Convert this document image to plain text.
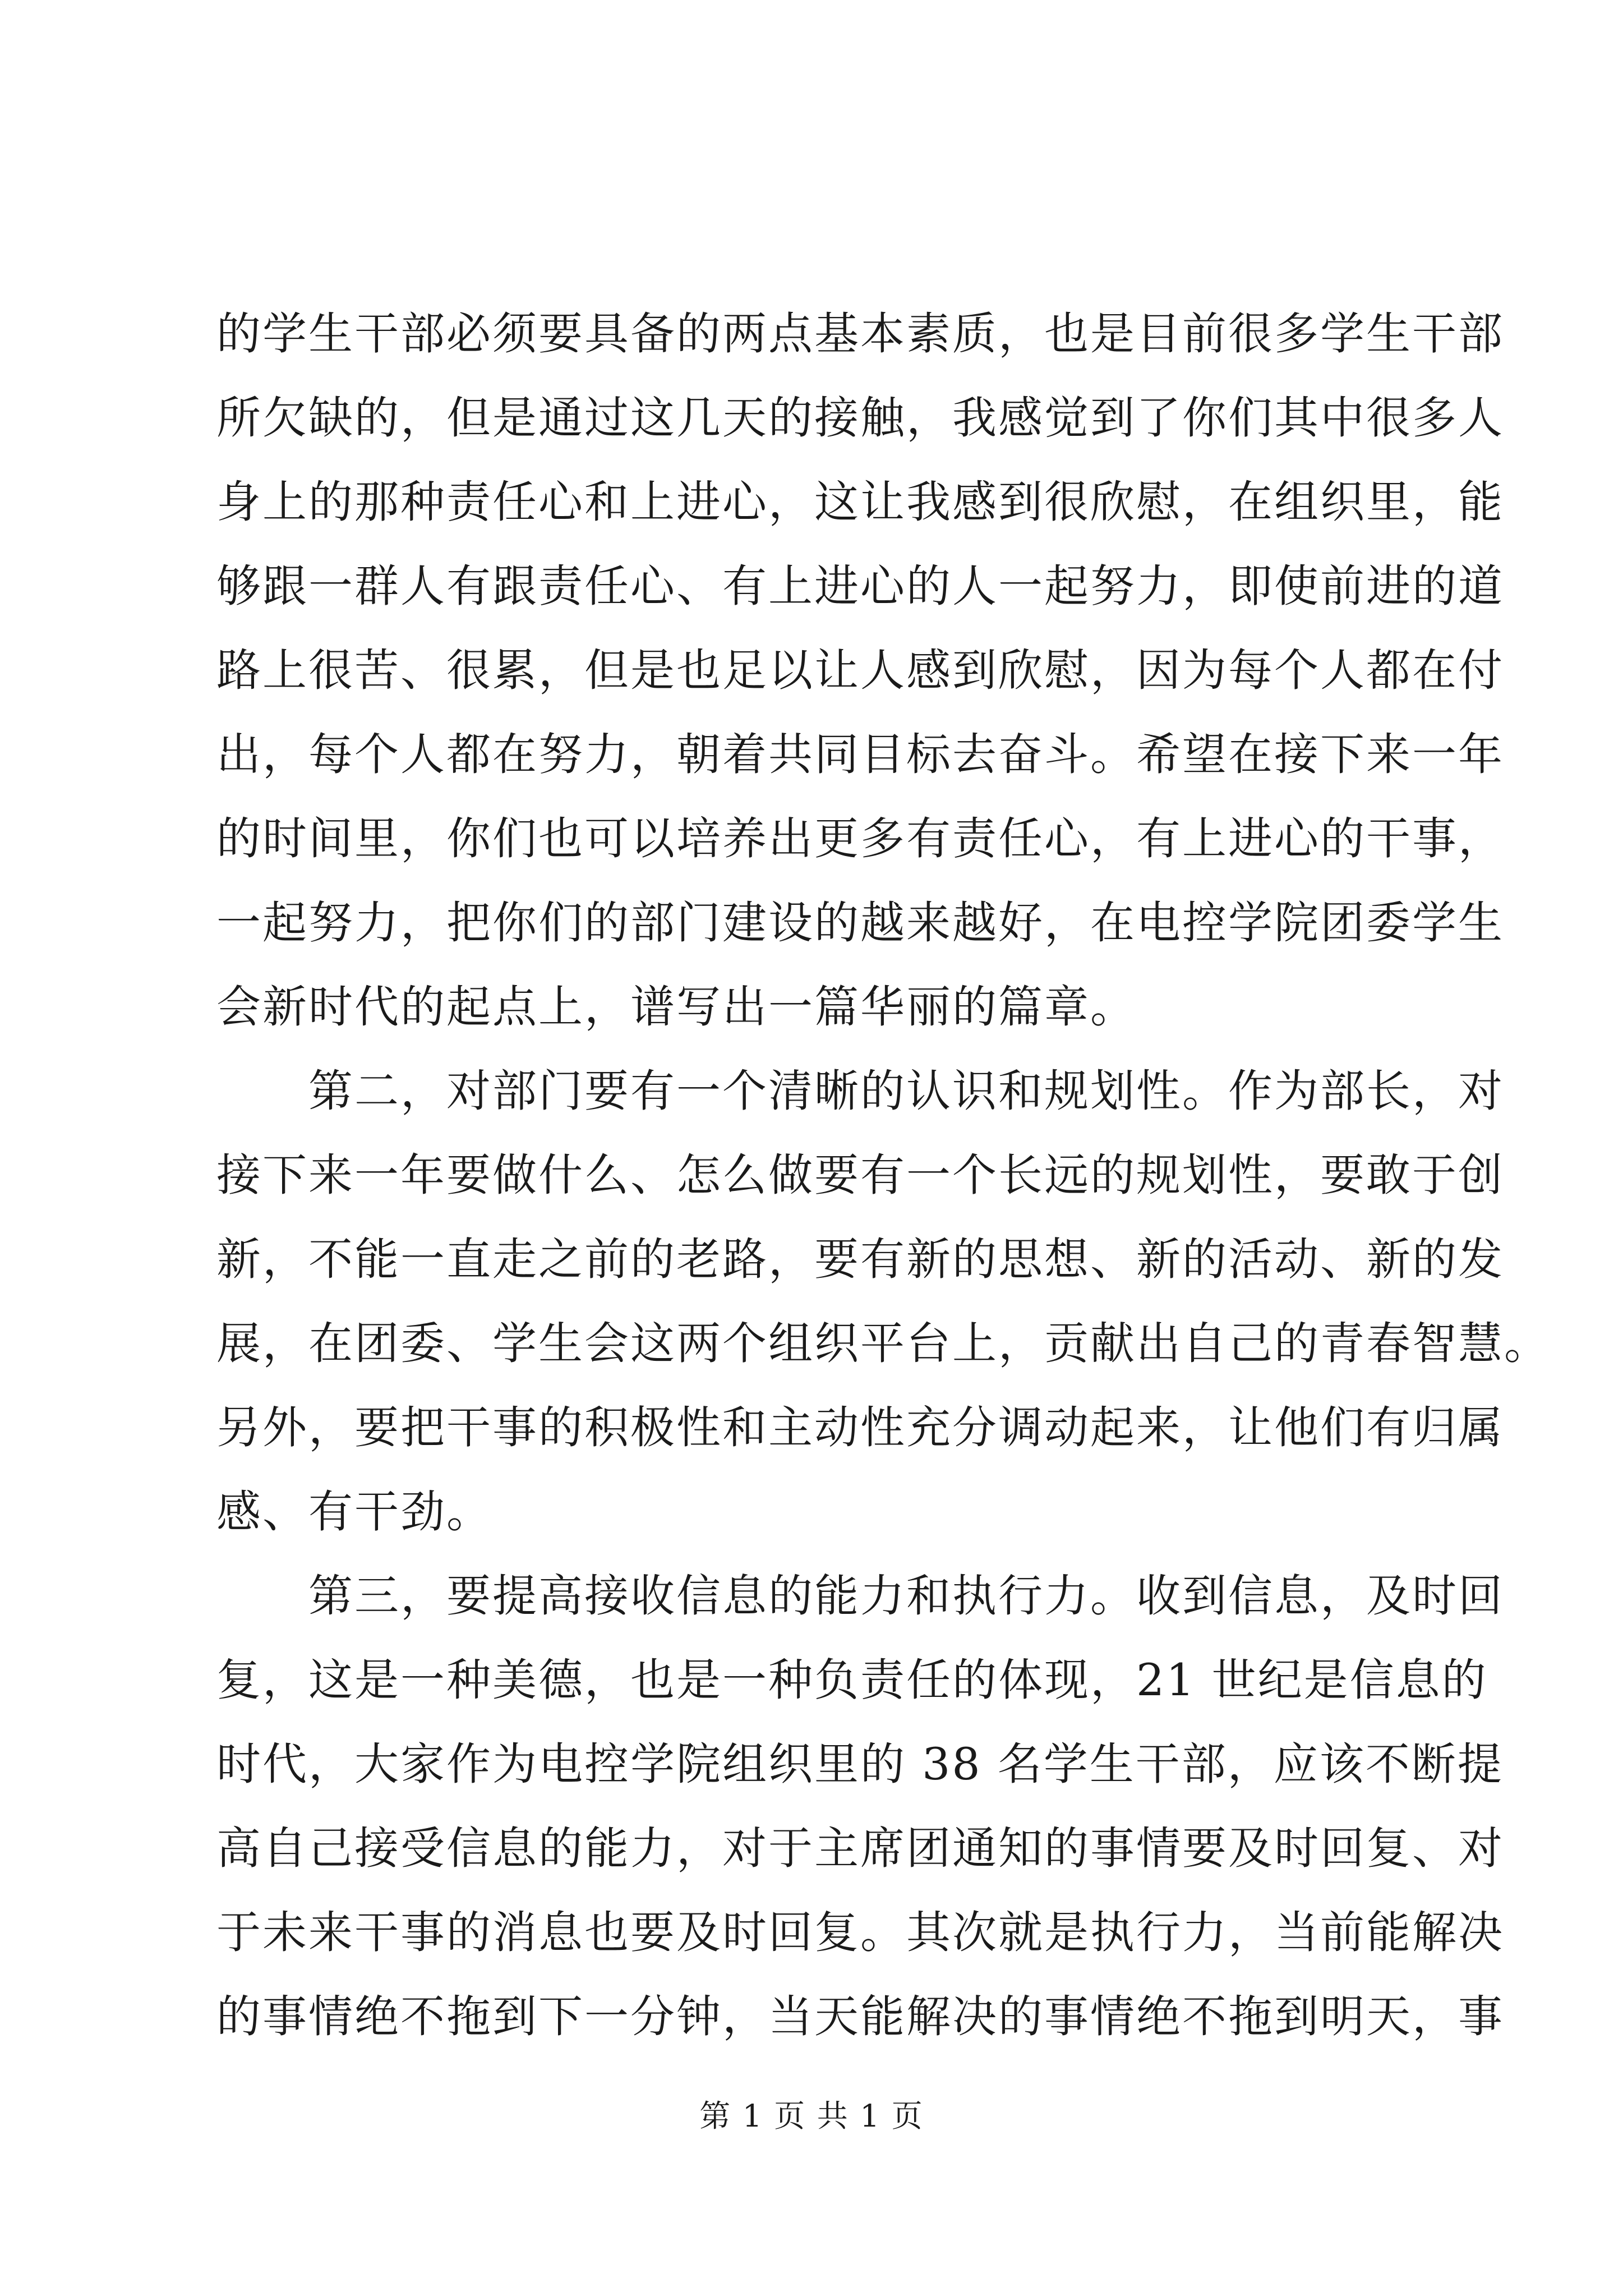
的学生干部必须要具备的两点基本素质，也是目前很多学生干部
所欠缺的，但是通过这几天的接触，我感觉到了你们其中很多人
身上的那种责任心和上进心，这让我感到很欣慰，在组织里，能
够跟一群人有跟责任心、有上进心的人一起努力，即使前进的道
路上很苦、很累，但是也足以让人感到欣慰，因为每个人都在付
出，每个人都在努力，朝着共同目标去奋斗。希望在接下来一年
的时间里，你们也可以培养出更多有责任心，有上进心的干事，
一起努力，把你们的部门建设的越来越好，在电控学院团委学生
会新时代的起点上，谱写出一篇华丽的篇章。
第二，对部门要有一个清晰的认识和规划性。作为部长，对
接下来一年要做什么、怎么做要有一个长远的规划性，要敢于创
新，不能一直走之前的老路，要有新的思想、新的活动、新的发
展，在团委、学生会这两个组织平台上，贡献出自己的青春智慧。
另外，要把干事的积极性和主动性充分调动起来，让他们有归属
感、有干劲。
第三，要提高接收信息的能力和执行力。收到信息，及时回
复，这是一种美德，也是一种负责任的体现，21 世纪是信息的
时代，大家作为电控学院组织里的 38 名学生干部，应该不断提
高自己接受信息的能力，对于主席团通知的事情要及时回复、对
于未来干事的消息也要及时回复。其次就是执行力，当前能解决
的事情绝不拖到下一分钟，当天能解决的事情绝不拖到明天，事
第 1 页 共 1 页
